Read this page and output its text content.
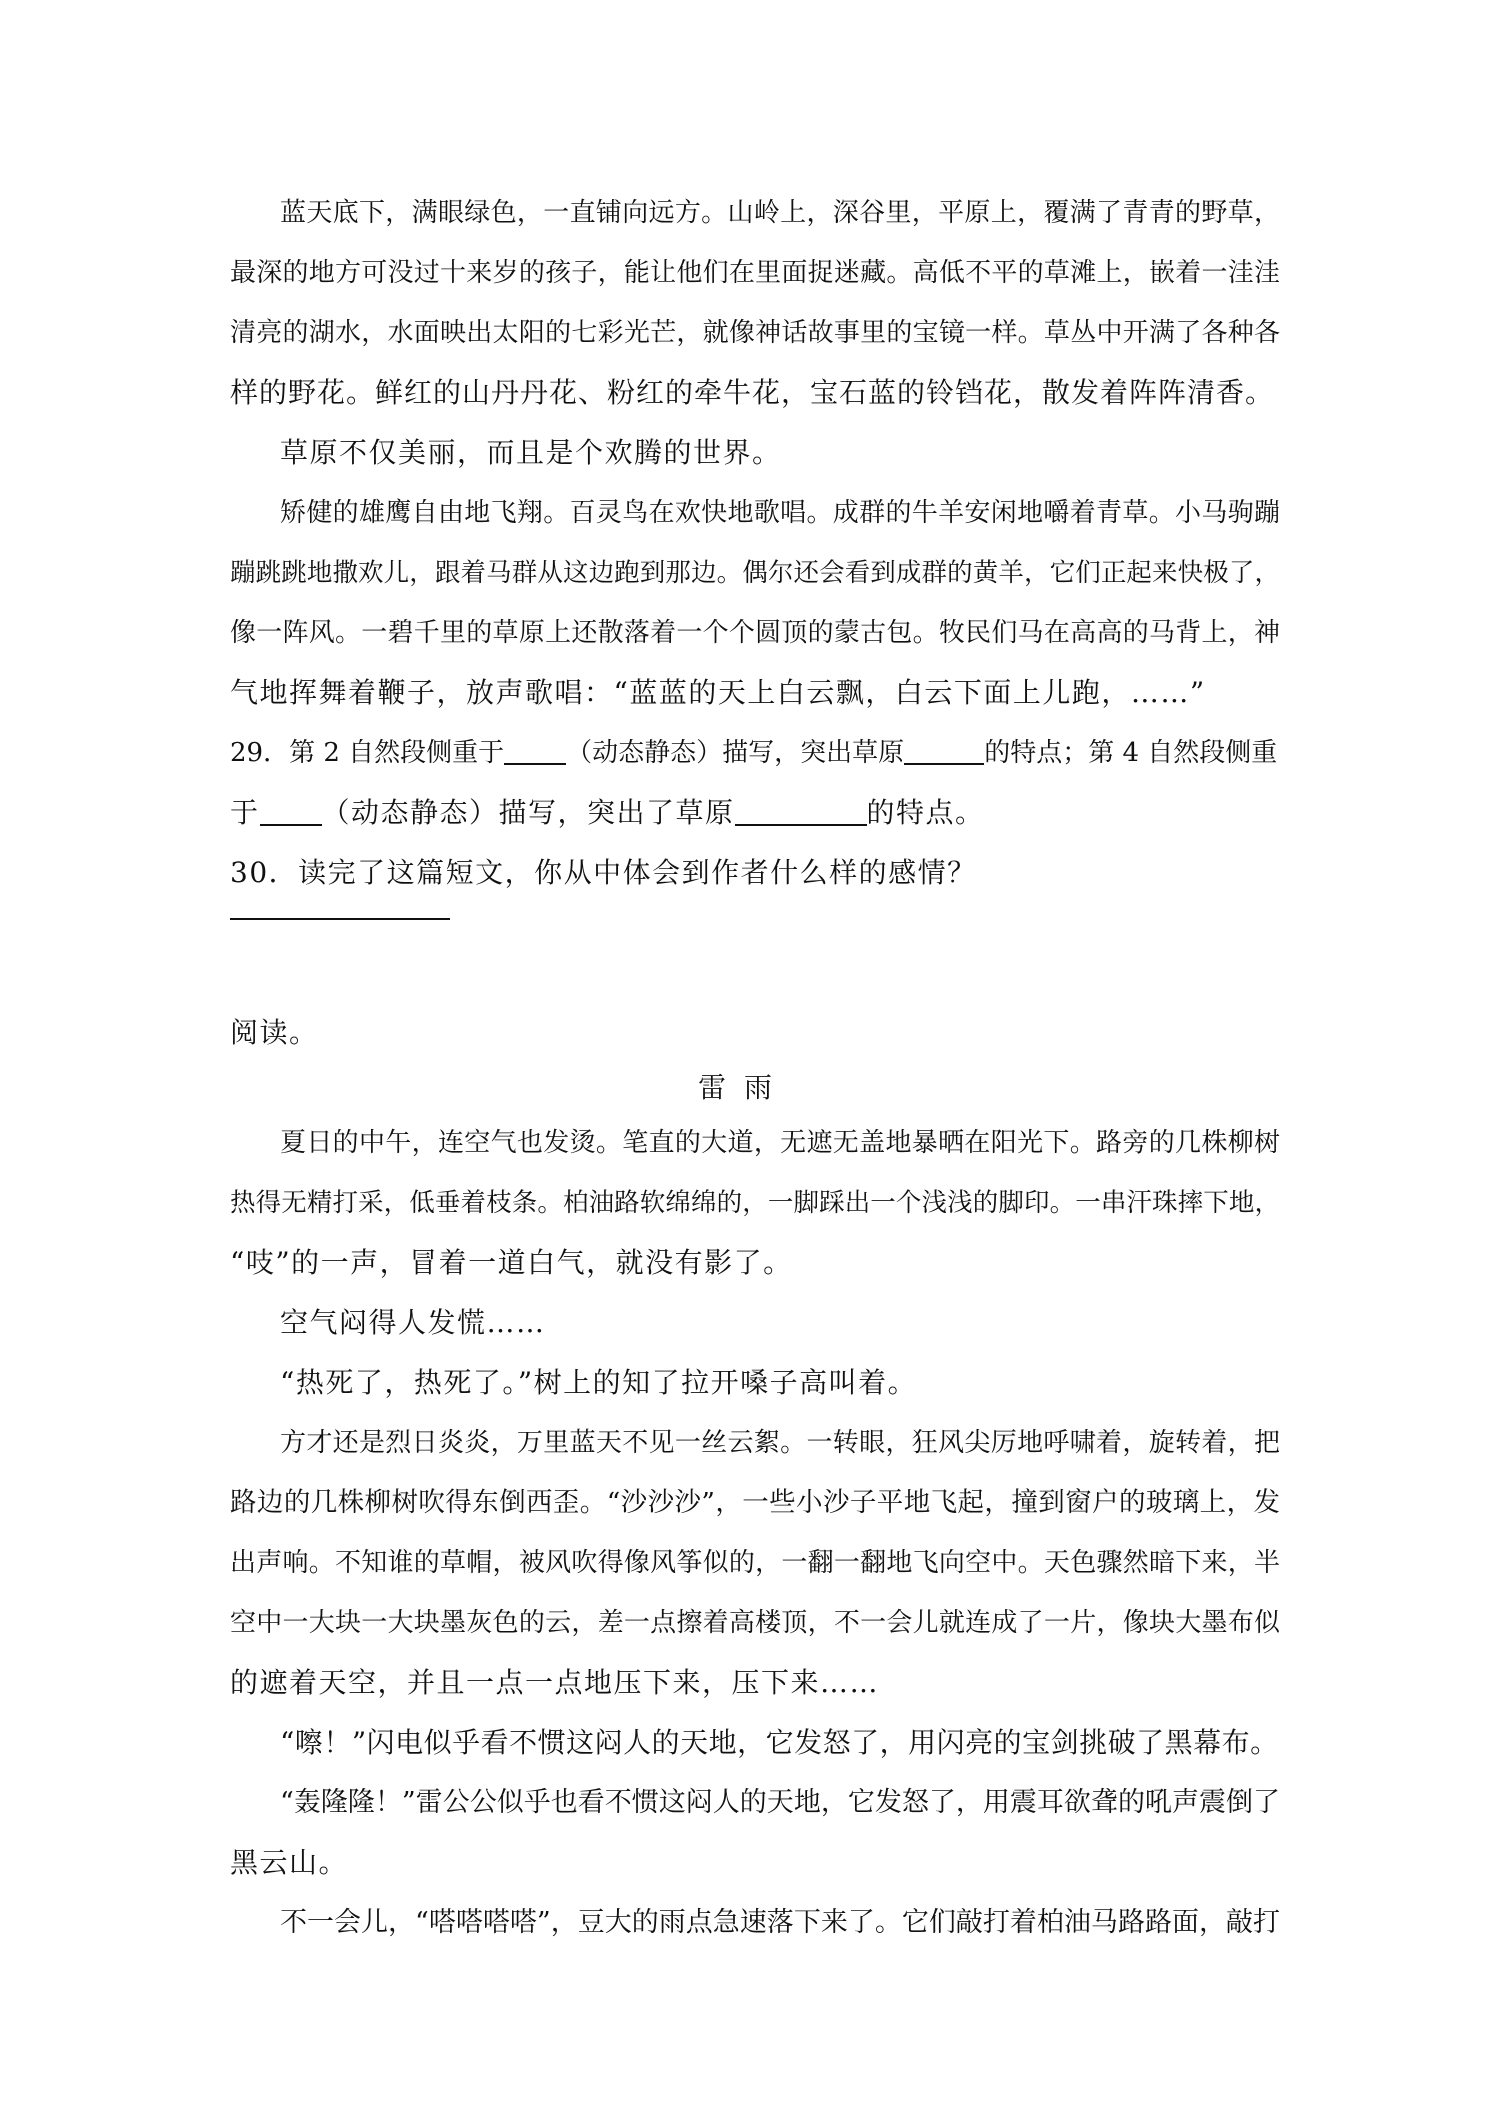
蓝天底下，满眼绿色，一直铺向远方。山岭上，深谷里，平原上，覆满了青青的野草，
最深的地方可没过十来岁的孩子，能让他们在里面捉迷藏。高低不平的草滩上，嵌着一洼洼
清亮的湖水，水面映出太阳的七彩光芒，就像神话故事里的宝镜一样。草丛中开满了各种各
样的野花。鲜红的山丹丹花、粉红的牵牛花，宝石蓝的铃铛花，散发着阵阵清香。
草原不仅美丽，而且是个欢腾的世界。
矫健的雄鹰自由地飞翔。百灵鸟在欢快地歌唱。成群的牛羊安闲地嚼着青草。小马驹蹦
蹦跳跳地撒欢儿，跟着马群从这边跑到那边。偶尔还会看到成群的黄羊，它们正起来快极了，
像一阵风。一碧千里的草原上还散落着一个个圆顶的蒙古包。牧民们马在高高的马背上，神
气地挥舞着鞭子，放声歌唱：“蓝蓝的天上白云飘，白云下面上儿跑，……”
29．第 2 自然段侧重于 （动态静态）描写，突出草原	的特点；第 4 自然段侧重
于 （动态静态）描写，突出了草原	的特点。
30．读完了这篇短文，你从中体会到作者什么样的感情？
阅读。
雷雨
夏日的中午，连空气也发烫。笔直的大道，无遮无盖地暴晒在阳光下。路旁的几株柳树
热得无精打采，低垂着枝条。柏油路软绵绵的，一脚踩出一个浅浅的脚印。一串汗珠摔下地，
“吱”的一声，冒着一道白气，就没有影了。
空气闷得人发慌……
“热死了，热死了。”树上的知了拉开嗓子高叫着。
方才还是烈日炎炎，万里蓝天不见一丝云絮。一转眼，狂风尖厉地呼啸着，旋转着，把
路边的几株柳树吹得东倒西歪。“沙沙沙”，一些小沙子平地飞起，撞到窗户的玻璃上，发
出声响。不知谁的草帽，被风吹得像风筝似的，一翻一翻地飞向空中。天色骤然暗下来，半
空中一大块一大块墨灰色的云，差一点擦着高楼顶，不一会儿就连成了一片，像块大墨布似
的遮着天空，并且一点一点地压下来，压下来……
“嚓！”闪电似乎看不惯这闷人的天地，它发怒了，用闪亮的宝剑挑破了黑幕布。
“轰隆隆！”雷公公似乎也看不惯这闷人的天地，它发怒了，用震耳欲聋的吼声震倒了
黑云山。
不一会儿，“嗒嗒嗒嗒”，豆大的雨点急速落下来了。它们敲打着柏油马路路面，敲打
